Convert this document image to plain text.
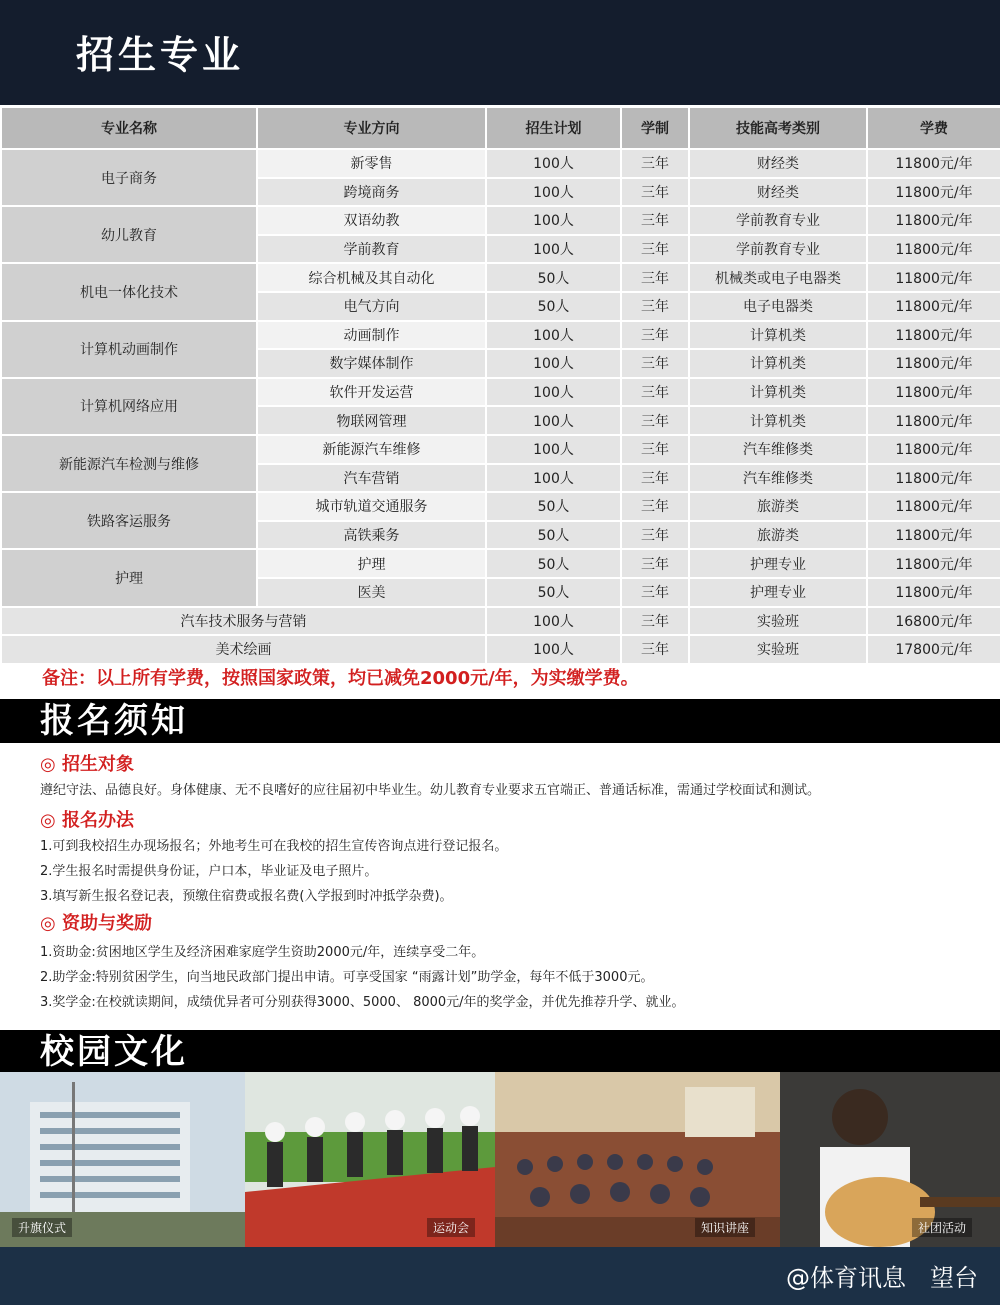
招生专业
专业名称	专业方向	招生计划	学制	技能高考类别	学费
电子商务	新零售	100人	三年	财经类	11800元/年
	跨境商务	100人	三年	财经类	11800元/年
幼儿教育	双语幼教	100人	三年	学前教育专业	11800元/年
	学前教育	100人	三年	学前教育专业	11800元/年
机电一体化技术	综合机械及其自动化	50人	三年	机械类或电子电器类	11800元/年
	电气方向	50人	三年	电子电器类	11800元/年
计算机动画制作	动画制作	100人	三年	计算机类	11800元/年
	数字媒体制作	100人	三年	计算机类	11800元/年
计算机网络应用	软件开发运营	100人	三年	计算机类	11800元/年
	物联网管理	100人	三年	计算机类	11800元/年
新能源汽车检测与维修	新能源汽车维修	100人	三年	汽车维修类	11800元/年
	汽车营销	100人	三年	汽车维修类	11800元/年
铁路客运服务	城市轨道交通服务	50人	三年	旅游类	11800元/年
	高铁乘务	50人	三年	旅游类	11800元/年
护理	护理	50人	三年	护理专业	11800元/年
	医美	50人	三年	护理专业	11800元/年
汽车技术服务与营销		100人	三年	实验班	16800元/年
美术绘画		100人	三年	实验班	17800元/年
备注：以上所有学费，按照国家政策，均已减免2000元/年，为实缴学费。
报名须知
◎ 招生对象
遵纪守法、品德良好。身体健康、无不良嗜好的应往届初中毕业生。幼儿教育专业要求五官端正、普通话标准，需通过学校面试和测试。
◎ 报名办法
1.可到我校招生办现场报名；外地考生可在我校的招生宣传咨询点进行登记报名。
2.学生报名时需提供身份证，户口本，毕业证及电子照片。
3.填写新生报名登记表，预缴住宿费或报名费(入学报到时冲抵学杂费)。
◎ 资助与奖励
1.资助金:贫困地区学生及经济困难家庭学生资助2000元/年，连续享受二年。
2.助学金:特别贫困学生，向当地民政部门提出申请。可享受国家 “雨露计划”助学金，每年不低于3000元。
3.奖学金:在校就读期间，成绩优异者可分别获得3000、5000、 8000元/年的奖学金，并优先推荐升学、就业。
校园文化
升旗仪式	运动会	知识讲座	社团活动
@体育讯息　望台
